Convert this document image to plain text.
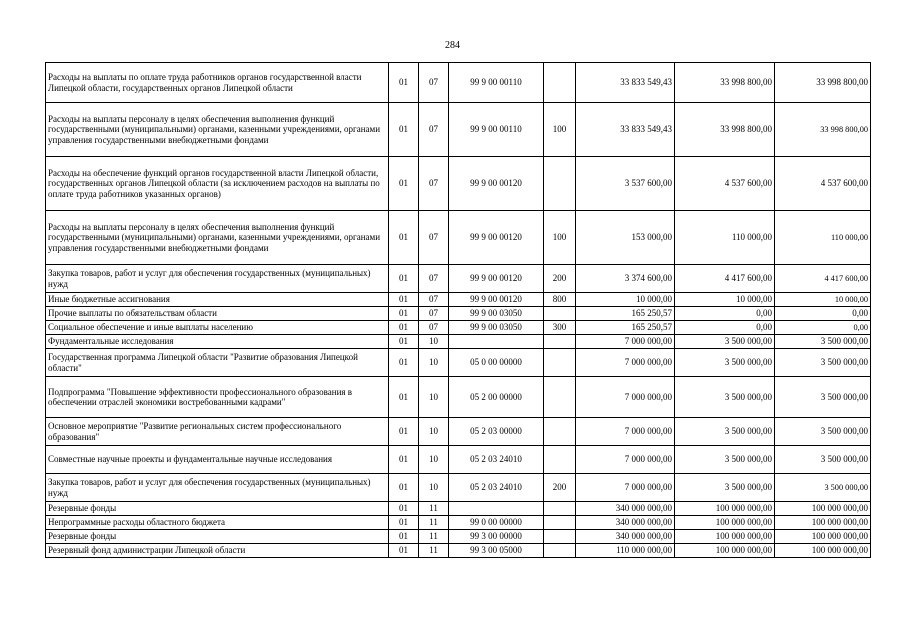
284
Расходы на выплаты по оплате труда работников органов государственной власти Липецкой области, государственных органов Липецкой области	01	07	99 9 00 00110		33 833 549,43	33 998 800,00	33 998 800,00
Расходы на выплаты персоналу в целях обеспечения выполнения функций государственными (муниципальными) органами, казенными учреждениями, органами управления государственными внебюджетными фондами	01	07	99 9 00 00110	100	33 833 549,43	33 998 800,00	33 998 800,00
Расходы на обеспечение функций органов государственной власти Липецкой области, государственных органов Липецкой области (за исключением расходов на выплаты по оплате труда работников указанных органов)	01	07	99 9 00 00120		3 537 600,00	4 537 600,00	4 537 600,00
Расходы на выплаты персоналу в целях обеспечения выполнения функций государственными (муниципальными) органами, казенными учреждениями, органами управления государственными внебюджетными фондами	01	07	99 9 00 00120	100	153 000,00	110 000,00	110 000,00
Закупка товаров, работ и услуг для обеспечения государственных (муниципальных) нужд	01	07	99 9 00 00120	200	3 374 600,00	4 417 600,00	4 417 600,00
Иные бюджетные ассигнования	01	07	99 9 00 00120	800	10 000,00	10 000,00	10 000,00
Прочие выплаты по обязательствам области	01	07	99 9 00 03050		165 250,57	0,00	0,00
Социальное обеспечение и иные выплаты населению	01	07	99 9 00 03050	300	165 250,57	0,00	0,00
Фундаментальные исследования	01	10			7 000 000,00	3 500 000,00	3 500 000,00
Государственная программа Липецкой области "Развитие образования Липецкой области"	01	10	05 0 00 00000		7 000 000,00	3 500 000,00	3 500 000,00
Подпрограмма "Повышение эффективности профессионального образования в обеспечении отраслей экономики востребованными кадрами"	01	10	05 2 00 00000		7 000 000,00	3 500 000,00	3 500 000,00
Основное мероприятие "Развитие региональных систем профессионального образования"	01	10	05 2 03 00000		7 000 000,00	3 500 000,00	3 500 000,00
Совместные научные проекты и фундаментальные научные исследования	01	10	05 2 03 24010		7 000 000,00	3 500 000,00	3 500 000,00
Закупка товаров, работ и услуг для обеспечения государственных (муниципальных) нужд	01	10	05 2 03 24010	200	7 000 000,00	3 500 000,00	3 500 000,00
Резервные фонды	01	11			340 000 000,00	100 000 000,00	100 000 000,00
Непрограммные расходы областного бюджета	01	11	99 0 00 00000		340 000 000,00	100 000 000,00	100 000 000,00
Резервные фонды	01	11	99 3 00 00000		340 000 000,00	100 000 000,00	100 000 000,00
Резервный фонд администрации Липецкой области	01	11	99 3 00 05000		110 000 000,00	100 000 000,00	100 000 000,00
